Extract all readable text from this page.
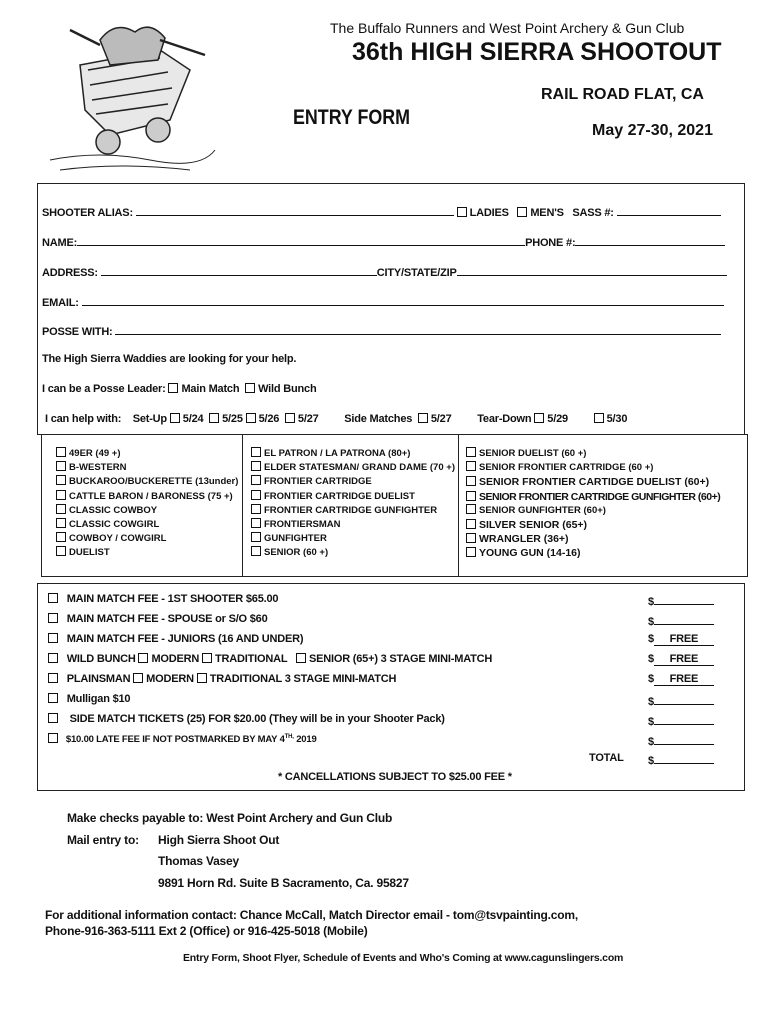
The Buffalo Runners and West Point Archery & Gun Club
36th HIGH SIERRA SHOOTOUT
RAIL ROAD FLAT, CA
ENTRY FORM
May 27-30, 2021
SHOOTER ALIAS:	LADIES MEN'S SASS #:
NAME:	PHONE #:
ADDRESS:	CITY/STATE/ZIP
EMAIL:
POSSE WITH:
The High Sierra Waddies are looking for your help.
I can be a Posse Leader: Main Match Wild Bunch
I can help with: Set-Up 5/24 5/25 5/26 5/27 Side Matches 5/27 Tear-Down 5/29	5/30
49ER (49 +)
B-WESTERN
BUCKAROO/BUCKERETTE (13under)
CATTLE BARON / BARONESS (75 +)
CLASSIC COWBOY
CLASSIC COWGIRL
COWBOY / COWGIRL
DUELIST
EL PATRON / LA PATRONA (80+)
ELDER STATESMAN/ GRAND DAME (70 +)
FRONTIER CARTRIDGE
FRONTIER CARTRIDGE DUELIST
FRONTIER CARTRIDGE GUNFIGHTER
FRONTIERSMAN
GUNFIGHTER
SENIOR (60 +)
SENIOR DUELIST (60 +)
SENIOR FRONTIER CARTRIDGE (60 +)
SENIOR FRONTIER CARTIDGE DUELIST (60+)
SENIOR FRONTIER CARTRIDGE GUNFIGHTER (60+)
SENIOR GUNFIGHTER (60+)
SILVER SENIOR (65+)
WRANGLER (36+)
YOUNG GUN (14-16)
MAIN MATCH FEE - 1ST SHOOTER $65.00	$
MAIN MATCH FEE - SPOUSE or S/O $60	$
MAIN MATCH FEE - JUNIORS (16 AND UNDER)	$ FREE
WILD BUNCH MODERN TRADITIONAL SENIOR (65+) 3 STAGE MINI-MATCH	$ FREE
PLAINSMAN MODERN TRADITIONAL 3 STAGE MINI-MATCH	$ FREE
Mulligan $10	$
SIDE MATCH TICKETS (25) FOR $20.00 (They will be in your Shooter Pack)	$
$10.00 LATE FEE IF NOT POSTMARKED BY MAY $4^{TH,}$ 2019	$
TOTAL $
* CANCELLATIONS SUBJECT TO $25.00 FEE *
Make checks payable to: West Point Archery and Gun Club
Mail entry to: High Sierra Shoot Out
Thomas Vasey
9891 Horn Rd. Suite B Sacramento, Ca. 95827
For additional information contact: Chance McCall, Match Director email - tom@tsvpainting.com,
Phone-916-363-5111 Ext 2 (Office) or 916-425-5018 (Mobile)
Entry Form, Shoot Flyer, Schedule of Events and Who's Coming at www.cagunslingers.com
